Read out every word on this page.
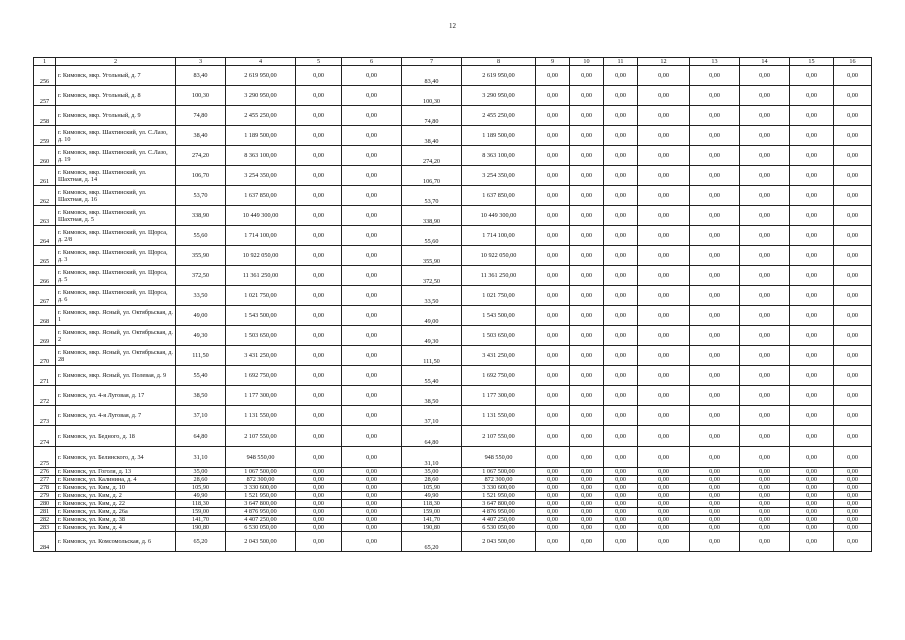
12
1	2	3	4	5	6	7	8	9	10	11	12	13	14	15	16
256	г. Кимовск, мкр. Угольный, д. 7	83,40	2 619 950,00	0,00	0,00	83,40	2 619 950,00	0,00	0,00	0,00	0,00	0,00	0,00	0,00	0,00
257	г. Кимовск, мкр. Угольный, д. 8	100,30	3 290 950,00	0,00	0,00	100,30	3 290 950,00	0,00	0,00	0,00	0,00	0,00	0,00	0,00	0,00
258	г. Кимовск, мкр. Угольный, д. 9	74,80	2 455 250,00	0,00	0,00	74,80	2 455 250,00	0,00	0,00	0,00	0,00	0,00	0,00	0,00	0,00
259	г. Кимовск, мкр. Шахтинский, ул. С.Лазо, д. 10	38,40	1 189 500,00	0,00	0,00	38,40	1 189 500,00	0,00	0,00	0,00	0,00	0,00	0,00	0,00	0,00
260	г. Кимовск, мкр. Шахтинский, ул. С.Лазо, д. 19	274,20	8 363 100,00	0,00	0,00	274,20	8 363 100,00	0,00	0,00	0,00	0,00	0,00	0,00	0,00	0,00
261	г. Кимовск, мкр. Шахтинский, ул. Шахтная, д. 14	106,70	3 254 350,00	0,00	0,00	106,70	3 254 350,00	0,00	0,00	0,00	0,00	0,00	0,00	0,00	0,00
262	г. Кимовск, мкр. Шахтинский, ул. Шахтная, д. 16	53,70	1 637 850,00	0,00	0,00	53,70	1 637 850,00	0,00	0,00	0,00	0,00	0,00	0,00	0,00	0,00
263	г. Кимовск, мкр. Шахтинский, ул. Шахтная, д. 5	338,90	10 449 300,00	0,00	0,00	338,90	10 449 300,00	0,00	0,00	0,00	0,00	0,00	0,00	0,00	0,00
264	г. Кимовск, мкр. Шахтинский, ул. Щорса, д. 2/8	55,60	1 714 100,00	0,00	0,00	55,60	1 714 100,00	0,00	0,00	0,00	0,00	0,00	0,00	0,00	0,00
265	г. Кимовск, мкр. Шахтинский, ул. Щорса, д. 3	355,90	10 922 050,00	0,00	0,00	355,90	10 922 050,00	0,00	0,00	0,00	0,00	0,00	0,00	0,00	0,00
266	г. Кимовск, мкр. Шахтинский, ул. Щорса, д. 5	372,50	11 361 250,00	0,00	0,00	372,50	11 361 250,00	0,00	0,00	0,00	0,00	0,00	0,00	0,00	0,00
267	г. Кимовск, мкр. Шахтинский, ул. Щорса, д. 6	33,50	1 021 750,00	0,00	0,00	33,50	1 021 750,00	0,00	0,00	0,00	0,00	0,00	0,00	0,00	0,00
268	г. Кимовск, мкр. Ясный, ул. Октябрьская, д. 1	49,00	1 543 500,00	0,00	0,00	49,00	1 543 500,00	0,00	0,00	0,00	0,00	0,00	0,00	0,00	0,00
269	г. Кимовск, мкр. Ясный, ул. Октябрьская, д. 2	49,30	1 503 650,00	0,00	0,00	49,30	1 503 650,00	0,00	0,00	0,00	0,00	0,00	0,00	0,00	0,00
270	г. Кимовск, мкр. Ясный, ул. Октябрьская, д. 28	111,50	3 431 250,00	0,00	0,00	111,50	3 431 250,00	0,00	0,00	0,00	0,00	0,00	0,00	0,00	0,00
271	г. Кимовск, мкр. Ясный, ул. Полевая, д. 9	55,40	1 692 750,00	0,00	0,00	55,40	1 692 750,00	0,00	0,00	0,00	0,00	0,00	0,00	0,00	0,00
272	г. Кимовск, ул. 4-я Луговая, д. 17	38,50	1 177 300,00	0,00	0,00	38,50	1 177 300,00	0,00	0,00	0,00	0,00	0,00	0,00	0,00	0,00
273	г. Кимовск, ул. 4-я Луговая, д. 7	37,10	1 131 550,00	0,00	0,00	37,10	1 131 550,00	0,00	0,00	0,00	0,00	0,00	0,00	0,00	0,00
274	г. Кимовск, ул. Бедного, д. 18	64,80	2 107 550,00	0,00	0,00	64,80	2 107 550,00	0,00	0,00	0,00	0,00	0,00	0,00	0,00	0,00
275	г. Кимовск, ул. Белинского, д. 34	31,10	948 550,00	0,00	0,00	31,10	948 550,00	0,00	0,00	0,00	0,00	0,00	0,00	0,00	0,00
276	г. Кимовск, ул. Гоголя, д. 13	35,00	1 067 500,00	0,00	0,00	35,00	1 067 500,00	0,00	0,00	0,00	0,00	0,00	0,00	0,00	0,00
277	г. Кимовск, ул. Калинина, д. 4	28,60	872 300,00	0,00	0,00	28,60	872 300,00	0,00	0,00	0,00	0,00	0,00	0,00	0,00	0,00
278	г. Кимовск, ул. Ким, д. 10	105,90	3 330 600,00	0,00	0,00	105,90	3 330 600,00	0,00	0,00	0,00	0,00	0,00	0,00	0,00	0,00
279	г. Кимовск, ул. Ким, д. 2	49,90	1 521 950,00	0,00	0,00	49,90	1 521 950,00	0,00	0,00	0,00	0,00	0,00	0,00	0,00	0,00
280	г. Кимовск, ул. Ким, д. 22	118,30	3 647 800,00	0,00	0,00	118,30	3 647 800,00	0,00	0,00	0,00	0,00	0,00	0,00	0,00	0,00
281	г. Кимовск, ул. Ким, д. 26а	159,00	4 876 950,00	0,00	0,00	159,00	4 876 950,00	0,00	0,00	0,00	0,00	0,00	0,00	0,00	0,00
282	г. Кимовск, ул. Ким, д. 38	141,70	4 407 250,00	0,00	0,00	141,70	4 407 250,00	0,00	0,00	0,00	0,00	0,00	0,00	0,00	0,00
283	г. Кимовск, ул. Ким, д. 4	190,80	6 530 050,00	0,00	0,00	190,80	6 530 050,00	0,00	0,00	0,00	0,00	0,00	0,00	0,00	0,00
284	г. Кимовск, ул. Комсомольская, д. 6	65,20	2 043 500,00	0,00	0,00	65,20	2 043 500,00	0,00	0,00	0,00	0,00	0,00	0,00	0,00	0,00
